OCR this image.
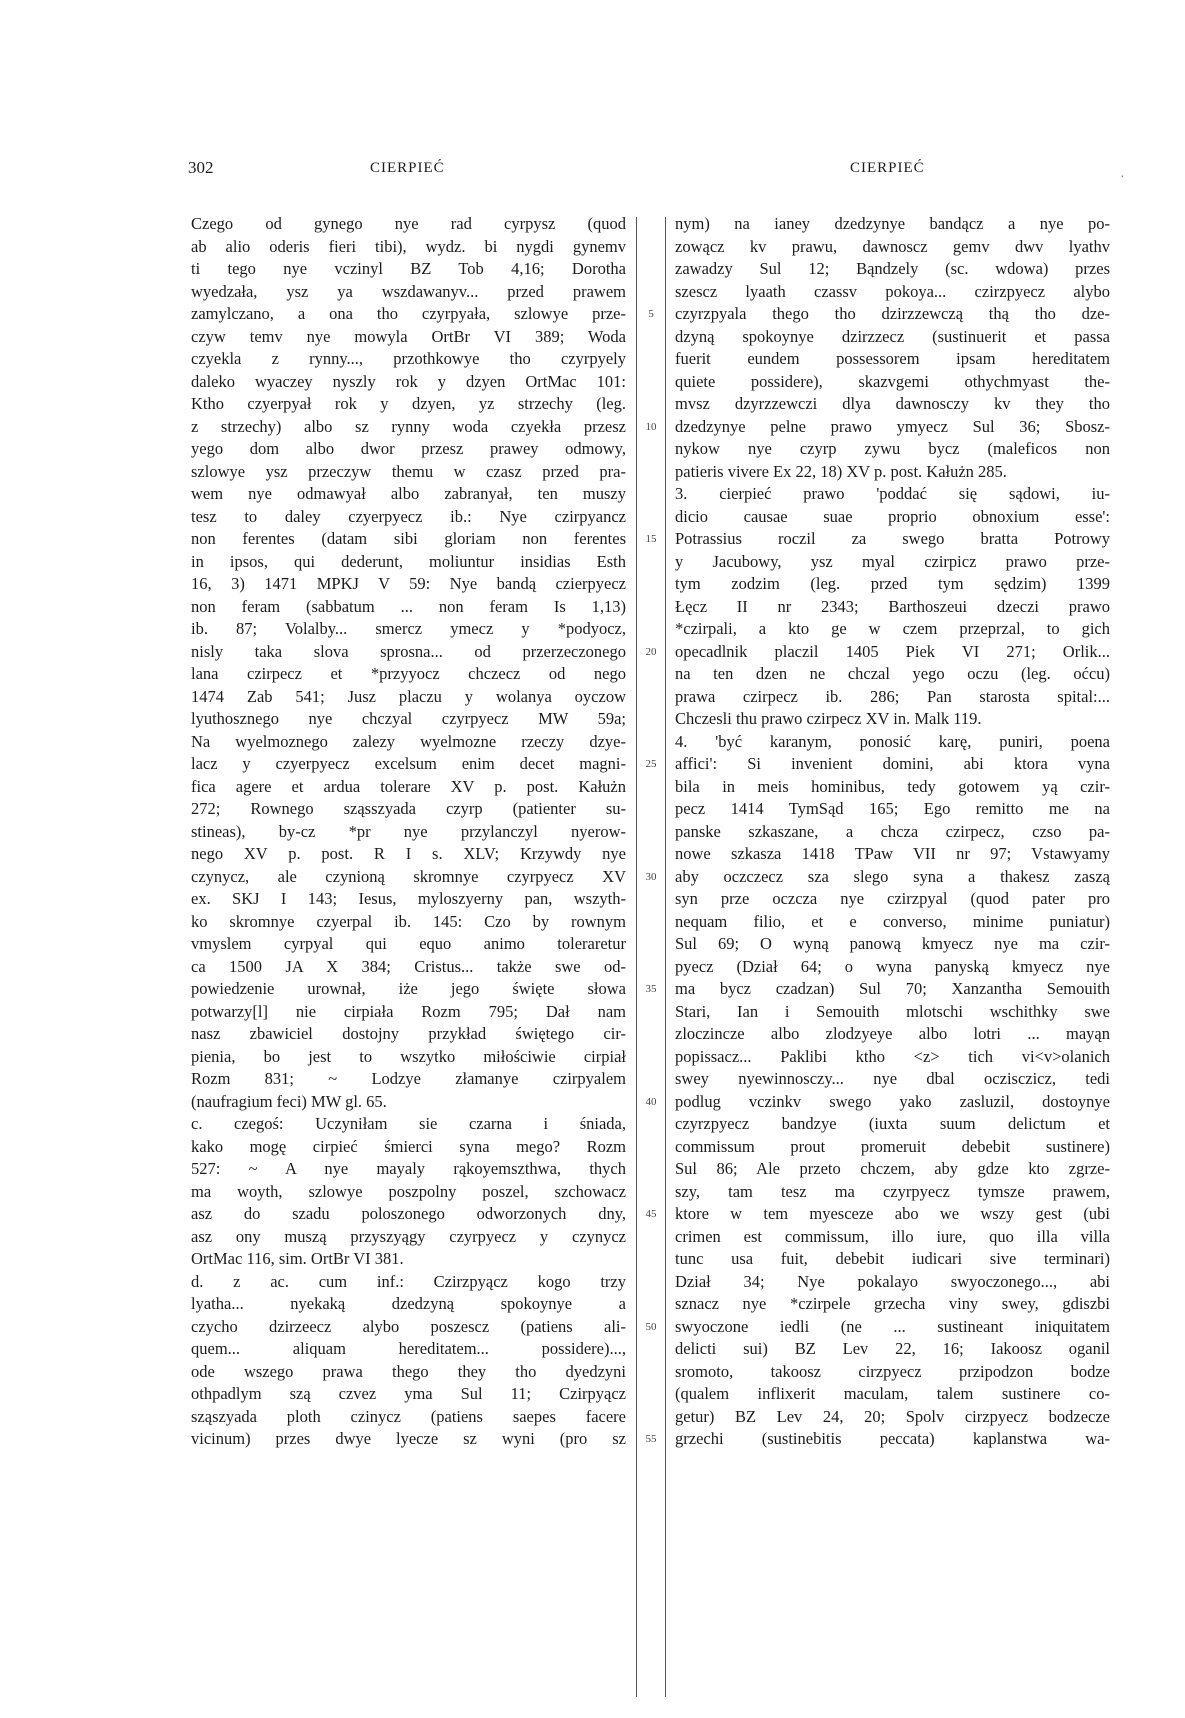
302	CIERPIEĆ	CIERPIEĆ
·
Czego od gynego nye rad cyrpysz (quod
ab alio oderis fieri tibi), wydz. bi nygdi gynemv
ti tego nye vczinyl BZ Tob 4,16; Dorotha
wyedzała, ysz ya wszdawanyv... przed prawem
zamylczano, a ona tho czyrpyała, szlowye prze-
czyw temv nye mowyla OrtBr VI 389; Woda
czyekla z rynny..., przothkowye tho czyrpyely
daleko wyaczey nyszly rok y dzyen OrtMac 101:
Ktho czyerpyał rok y dzyen, yz strzechy (leg.
z strzechy) albo sz rynny woda czyekła przesz
yego dom albo dwor przesz prawey odmowy,
szlowye ysz przeczyw themu w czasz przed pra-
wem nye odmawyał albo zabranyał, ten muszy
tesz to daley czyerpyecz ib.: Nye czirpyancz
non ferentes (datam sibi gloriam non ferentes
in ipsos, qui dederunt, moliuntur insidias Esth
16, 3) 1471 MPKJ V 59: Nye bandą czierpyecz
non feram (sabbatum ... non feram Is 1,13)
ib. 87; Volalby... smercz ymecz y *podyocz,
nisly taka slova sprosna... od przerzeczonego
lana czirpecz et *przyyocz chczecz od nego
1474 Zab 541; Jusz placzu y wolanya oyczow
lyuthosznego nye chczyal czyrpyecz MW 59a;
Na wyelmoznego zalezy wyelmozne rzeczy dzye-
lacz y czyerpyecz excelsum enim decet magni-
fica agere et ardua tolerare XV p. post. Kałużn
272; Rownego sząsszyada czyrp (patienter su-
stineas), by-cz *pr nye przylanczyl nyerow-
nego XV p. post. R I s. XLV; Krzywdy nye
czynycz, ale czynioną skromnye czyrpyecz XV
ex. SKJ I 143; Iesus, myloszyerny pan, wszyth-
ko skromnye czyerpal ib. 145: Czo by rownym
vmyslem cyrpyal qui equo animo toleraretur
ca 1500 JA X 384; Cristus... także swe od-
powiedzenie urownał, iże jego święte słowa
potwarzy[l] nie cirpiała Rozm 795; Dał nam
nasz zbawiciel dostojny przykład świętego cir-
pienia, bo jest to wszytko miłościwie cirpiał
Rozm 831; ~ Lodzye złamanye czirpyalem
(naufragium feci) MW gl. 65.
c. czegoś: Uczyniłam sie czarna i śniada,
kako mogę cirpieć śmierci syna mego? Rozm
527: ~ A nye mayaly rąkoyemszthwa, thych
ma woyth, szlowye poszpolny poszel, szchowacz
asz do szadu poloszonego odworzonych dny,
asz ony muszą przyszyągy czyrpyecz y czynycz
OrtMac 116, sim. OrtBr VI 381.
d. z ac. cum inf.: Czirzpyącz kogo trzy
lyatha... nyekaką dzedzyną spokoynye a
czycho dzirzeecz alybo poszescz (patiens ali-
quem... aliquam hereditatem... possidere)...,
ode wszego prawa thego they tho dyedzyni
othpadlym szą czvez yma Sul 11; Czirpyącz
sząszyada ploth czinycz (patiens saepes facere
vicinum) przes dwye lyecze sz wyni (pro sz
5
10
15
20
25
30
35
40
45
50
55
nym) na ianey dzedzynye bandącz a nye po-
zowącz kv prawu, dawnoscz gemv dwv lyathv
zawadzy Sul 12; Bąndzely (sc. wdowa) przes
szescz lyaath czassv pokoya... czirzpyecz alybo
czyrzpyala thego tho dzirzzewczą thą tho dze-
dzyną spokoynye dzirzzecz (sustinuerit et passa
fuerit eundem possessorem ipsam hereditatem
quiete possidere), skazvgemi othychmyast the-
mvsz dzyrzzewczi dlya dawnosczy kv they tho
dzedzynye pelne prawo ymyecz Sul 36; Sbosz-
nykow nye czyrp zywu bycz (maleficos non
patieris vivere Ex 22, 18) XV p. post. Kałużn 285.
3. cierpieć prawo 'poddać się sądowi, iu-
dicio causae suae proprio obnoxium esse':
Potrassius roczil za swego bratta Potrowy
y Jacubowy, ysz myal czirpicz prawo prze-
tym zodzim (leg. przed tym sędzim) 1399
Łęcz II nr 2343; Barthoszeui dzeczi prawo
*czirpali, a kto ge w czem przeprzal, to gich
opecadlnik placzil 1405 Piek VI 271; Orlik...
na ten dzen ne chczal yego oczu (leg. oćcu)
prawa czirpecz ib. 286; Pan starosta spital:...
Chczesli thu prawo czirpecz XV in. Malk 119.
4. 'być karanym, ponosić karę, puniri, poena
affici': Si invenient domini, abi ktora vyna
bila in meis hominibus, tedy gotowem yą czir-
pecz 1414 TymSąd 165; Ego remitto me na
panske szkaszane, a chcza czirpecz, czso pa-
nowe szkasza 1418 TPaw VII nr 97; Vstawyamy
aby oczczecz sza slego syna a thakesz zaszą
syn prze oczcza nye czirzpyal (quod pater pro
nequam filio, et e converso, minime puniatur)
Sul 69; O wyną panową kmyecz nye ma czir-
pyecz (Dział 64; o wyna panyską kmyecz nye
ma bycz czadzan) Sul 70; Xanzantha Semouith
Stari, Ian i Semouith mlotschi wschithky swe
zloczincze albo zlodzyeye albo lotri ... mayąn
popissacz... Paklibi ktho <z> tich vi<v>olanich
swey nyewinnosczy... nye dbal oczisczicz, tedi
podlug vczinkv swego yako zasluzil, dostoynye
czyrzpyecz bandzye (iuxta suum delictum et
commissum prout promeruit debebit sustinere)
Sul 86; Ale przeto chczem, aby gdze kto zgrze-
szy, tam tesz ma czyrpyecz tymsze prawem,
ktore w tem myesceze abo we wszy gest (ubi
crimen est commissum, illo iure, quo illa villa
tunc usa fuit, debebit iudicari sive terminari)
Dział 34; Nye pokalayo swyoczonego..., abi
sznacz nye *czirpele grzecha viny swey, gdiszbi
swyoczone iedli (ne ... sustineant iniquitatem
delicti sui) BZ Lev 22, 16; Iakoosz oganil
sromoto, takoosz cirzpyecz przipodzon bodze
(qualem inflixerit maculam, talem sustinere co-
getur) BZ Lev 24, 20; Spolv cirzpyecz bodzecze
grzechi (sustinebitis peccata) kaplanstwa wa-
